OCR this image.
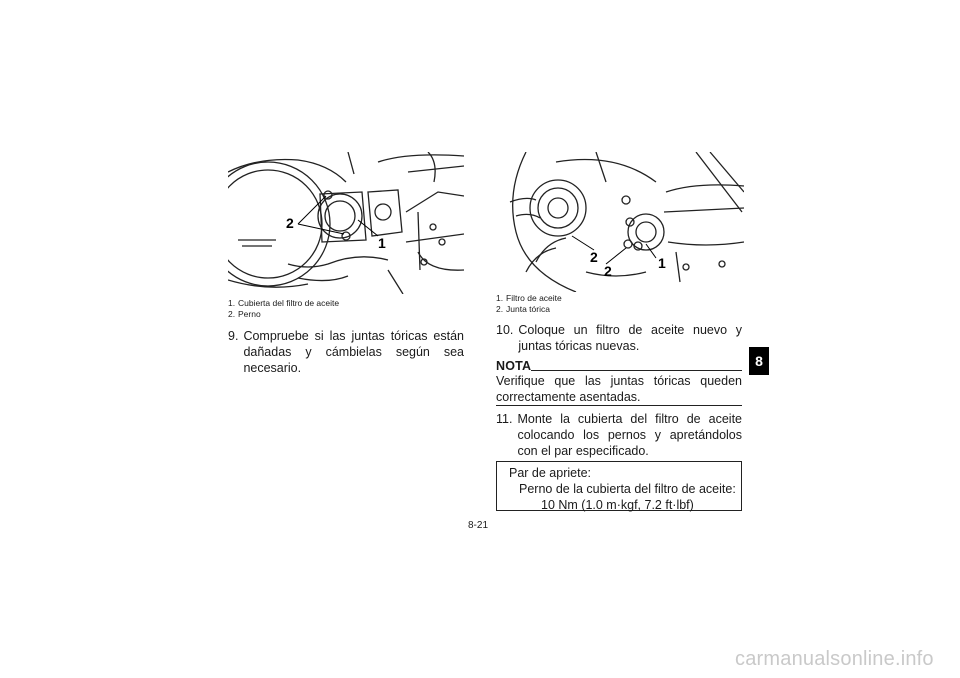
2
1
1. Cubierta del filtro de aceite
2. Perno
9. Compruebe si las juntas tóricas están dañadas y cámbielas según sea necesario.
2
2	1
1. Filtro de aceite
2. Junta tórica
10. Coloque un filtro de aceite nuevo y juntas tóricas nuevas.
NOTA
Verifique que las juntas tóricas queden correctamente asentadas.
11. Monte la cubierta del filtro de aceite colocando los pernos y apretándolos con el par especificado.
Par de apriete:
Perno de la cubierta del filtro de aceite:
10 Nm (1.0 m·kgf, 7.2 ft·lbf)
8
8-21
carmanualsonline.info
